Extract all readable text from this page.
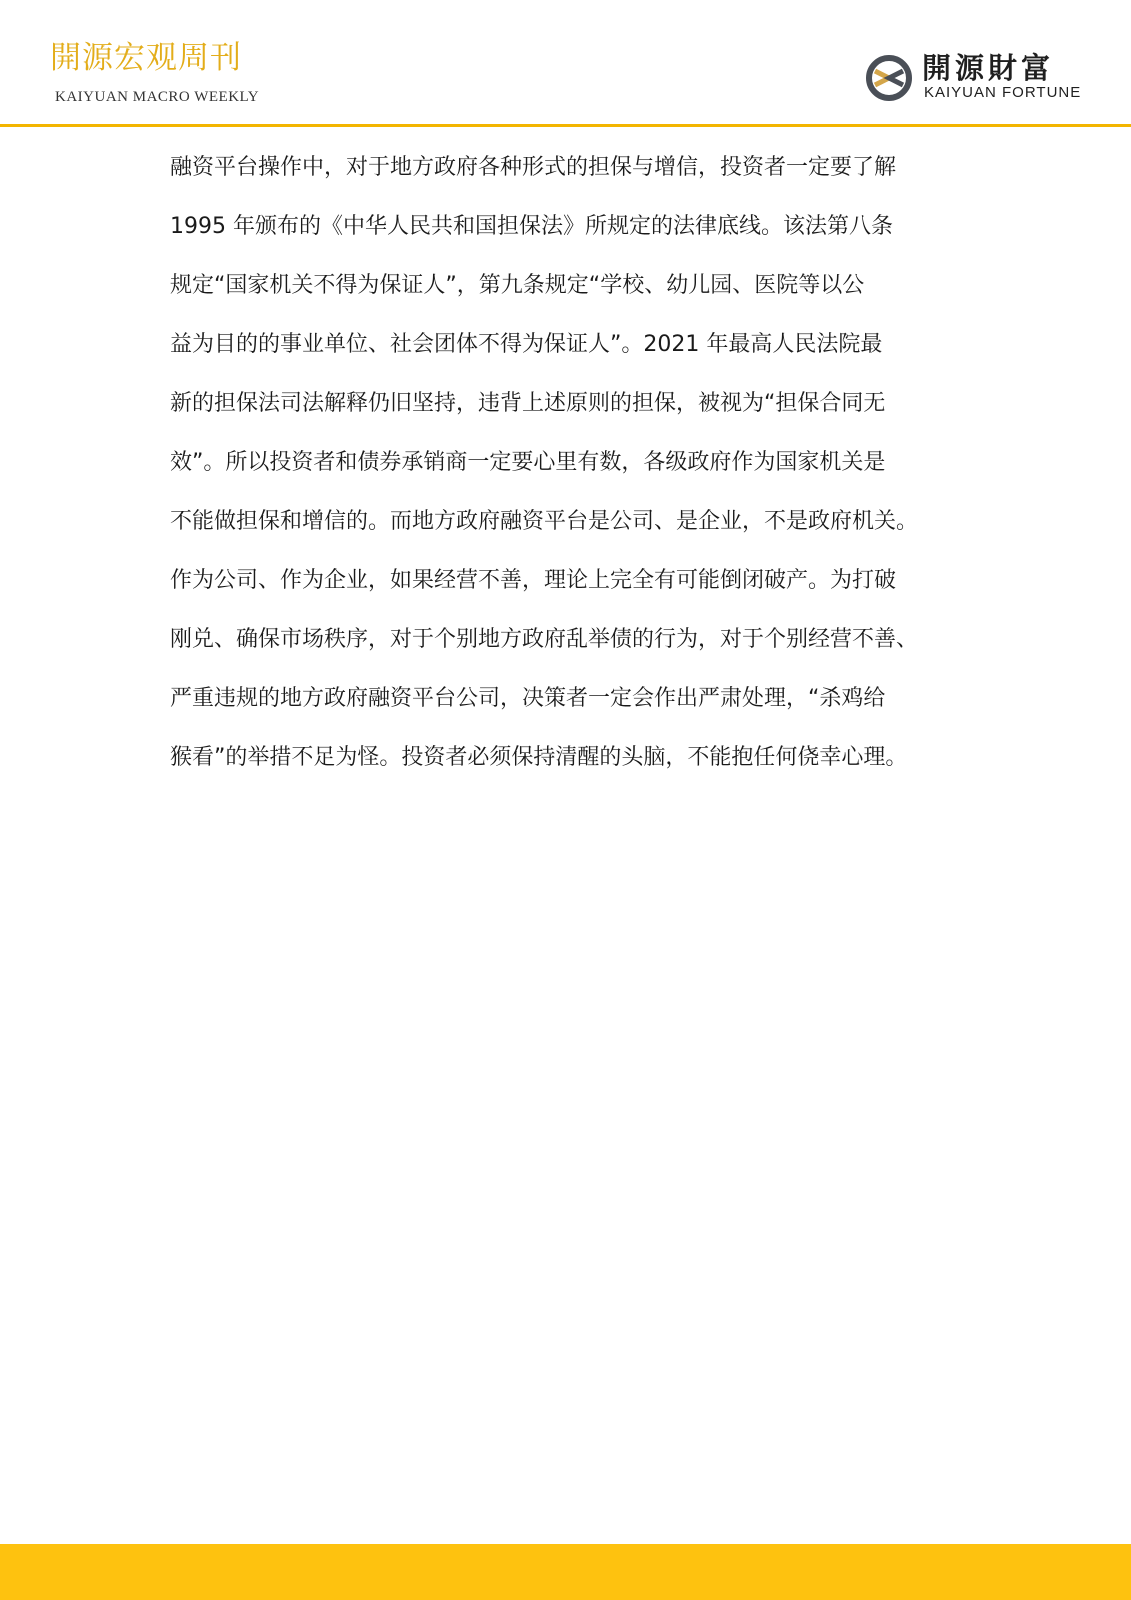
開源宏观周刊
KAIYUAN MACRO WEEKLY
開源財富
KAIYUAN FORTUNE
融资平台操作中，对于地方政府各种形式的担保与增信，投资者一定要了解
1995 年颁布的《中华人民共和国担保法》所规定的法律底线。该法第八条
规定“国家机关不得为保证人”，第九条规定“学校、幼儿园、医院等以公
益为目的的事业单位、社会团体不得为保证人”。2021 年最高人民法院最
新的担保法司法解释仍旧坚持，违背上述原则的担保，被视为“担保合同无
效”。所以投资者和债券承销商一定要心里有数，各级政府作为国家机关是
不能做担保和增信的。而地方政府融资平台是公司、是企业，不是政府机关。
作为公司、作为企业，如果经营不善，理论上完全有可能倒闭破产。为打破
刚兑、确保市场秩序，对于个别地方政府乱举债的行为，对于个别经营不善、
严重违规的地方政府融资平台公司，决策者一定会作出严肃处理，“杀鸡给
猴看”的举措不足为怪。投资者必须保持清醒的头脑，不能抱任何侥幸心理。
